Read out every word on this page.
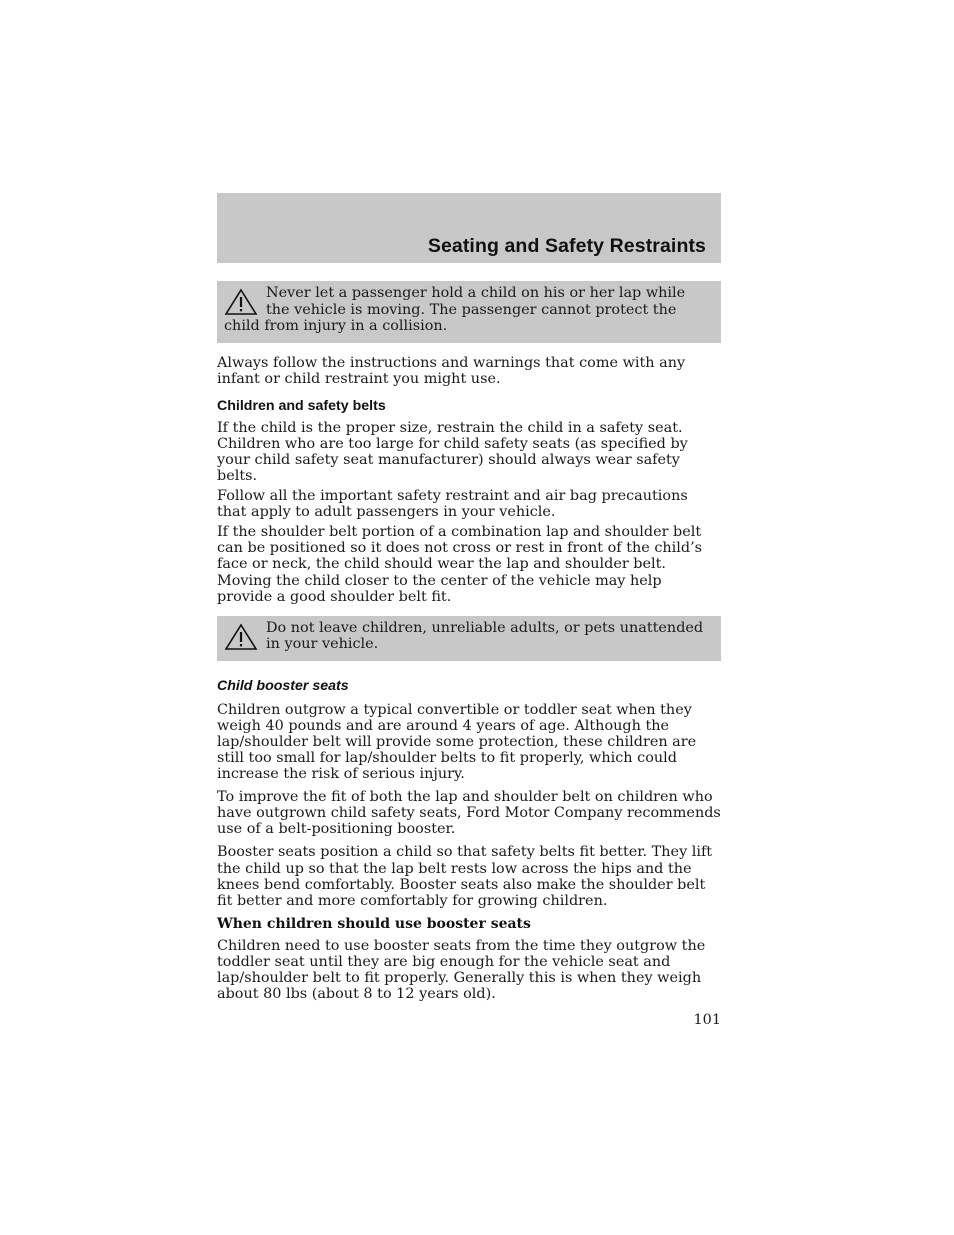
Seating and Safety Restraints
Never let a passenger hold a child on his or her lap while the vehicle is moving. The passenger cannot protect the child from injury in a collision.

Always follow the instructions and warnings that come with any infant or child restraint you might use.

Children and safety belts

If the child is the proper size, restrain the child in a safety seat. Children who are too large for child safety seats (as specified by your child safety seat manufacturer) should always wear safety belts.

Follow all the important safety restraint and air bag precautions that apply to adult passengers in your vehicle.

If the shoulder belt portion of a combination lap and shoulder belt can be positioned so it does not cross or rest in front of the child’s face or neck, the child should wear the lap and shoulder belt. Moving the child closer to the center of the vehicle may help provide a good shoulder belt fit.

Do not leave children, unreliable adults, or pets unattended in your vehicle.
Child booster seats

Children outgrow a typical convertible or toddler seat when they weigh 40 pounds and are around 4 years of age. Although the lap/shoulder belt will provide some protection, these children are still too small for lap/shoulder belts to fit properly, which could increase the risk of serious injury.

To improve the fit of both the lap and shoulder belt on children who have outgrown child safety seats, Ford Motor Company recommends use of a belt-positioning booster.

Booster seats position a child so that safety belts fit better. They lift the child up so that the lap belt rests low across the hips and the knees bend comfortably. Booster seats also make the shoulder belt fit better and more comfortably for growing children.

When children should use booster seats

Children need to use booster seats from the time they outgrow the toddler seat until they are big enough for the vehicle seat and lap/shoulder belt to fit properly. Generally this is when they weigh about 80 lbs (about 8 to 12 years old).

101
